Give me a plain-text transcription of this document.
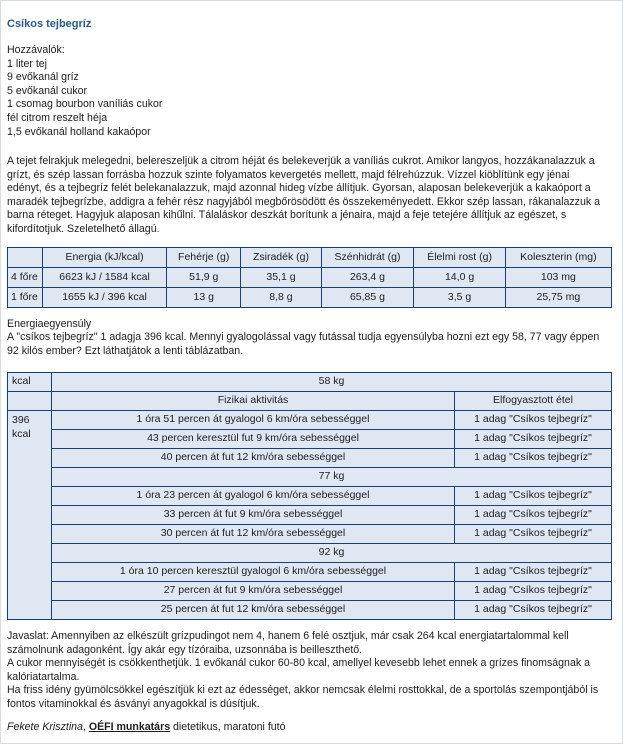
Csíkos tejbegríz
Hozzávalók:
1 liter tej
9 evőkanál gríz
5 evőkanál cukor
1 csomag bourbon vaníliás cukor
fél citrom reszelt héja
1,5 evőkanál holland kakaópor
A tejet felrakjuk melegedni, belereszeljük a citrom héját és belekeverjük a vaníliás cukrot. Amikor langyos, hozzákanalazzuk a grízt, és szép lassan forrásba hozzuk szinte folyamatos kevergetés mellett, majd félrehúzzuk. Vízzel kiöblítünk egy jénai edényt, és a tejbegríz felét belekanalazzuk, majd azonnal hideg vízbe állítjuk. Gyorsan, alaposan belekeverjük a kakaóport a maradék tejbegrízbe, addigra a fehér rész nagyjából megbőrösödött és összekeményedett. Ekkor szép lassan, rákanalazzuk a barna réteget. Hagyjuk alaposan kihűlni. Tálaláskor deszkát borítunk a jénaira, majd a feje tetejére állítjuk az egészet, s kifordítotjuk. Szeletelhető állagú.
	Energia (kJ/kcal)	Fehérje (g)	Zsiradék (g)	Szénhidrát (g)	Élelmi rost (g)	Koleszterin (mg)
4 főre	6623 kJ / 1584 kcal	51,9 g	35,1 g	263,4 g	14,0 g	103 mg
1 főre	1655 kJ / 396 kcal	13 g	8,8 g	65,85 g	3,5 g	25,75 mg
Energiaegyensúly
A "csíkos tejbegríz" 1 adagja 396 kcal. Mennyi gyalogolással vagy futással tudja egyensúlyba hozni ezt egy 58, 77 vagy éppen 92 kilós ember? Ezt láthatjátok a lenti táblázatban.
kcal	58 kg	
	Fizikai aktivitás	Elfogyasztott étel
396 kcal	1 óra 51 percen át gyalogol 6 km/óra sebességgel	1 adag "Csíkos tejbegríz"
	43 percen keresztül fut 9 km/óra sebességgel	1 adag "Csíkos tejbegríz"
	40 percen át fut 12 km/óra sebességgel	1 adag "Csíkos tejbegríz"
	77 kg	
	1 óra 23 percen át gyalogol 6 km/óra sebességgel	1 adag "Csíkos tejbegríz"
	33 percen át fut 9 km/óra sebességgel	1 adag "Csíkos tejbegríz"
	30 percen át fut 12 km/óra sebességgel	1 adag "Csíkos tejbegríz"
	92 kg	
	1 óra 10 percen keresztül gyalogol 6 km/óra sebességgel	1 adag "Csíkos tejbegríz"
	27 percen át fut 9 km/óra sebességgel	1 adag "Csíkos tejbegríz"
	25 percen át fut 12 km/óra sebességgel	1 adag "Csíkos tejbegríz"

Javaslat: Amennyiben az elkészült grízpudingot nem 4, hanem 6 felé osztjuk, már csak 264 kcal energiatartalommal kell számolnunk adagonként. Így akár egy tízóraiba, uzsonnába is beilleszthető.

A cukor mennyiségét is csökkenthetjük. 1 evőkanál cukor 60-80 kcal, amellyel kevesebb lehet ennek a grízes finomságnak a kalóriatartalma.

Ha friss idény gyümölcsökkel egészítjük ki ezt az édességet, akkor nemcsak élelmi rosttokkal, de a sportolás szempontjából is fontos vitaminokkal és ásványi anyagokkal is dúsítjuk.

Fekete Krisztina, OÉFI munkatárs dietetikus, maratoni futó
